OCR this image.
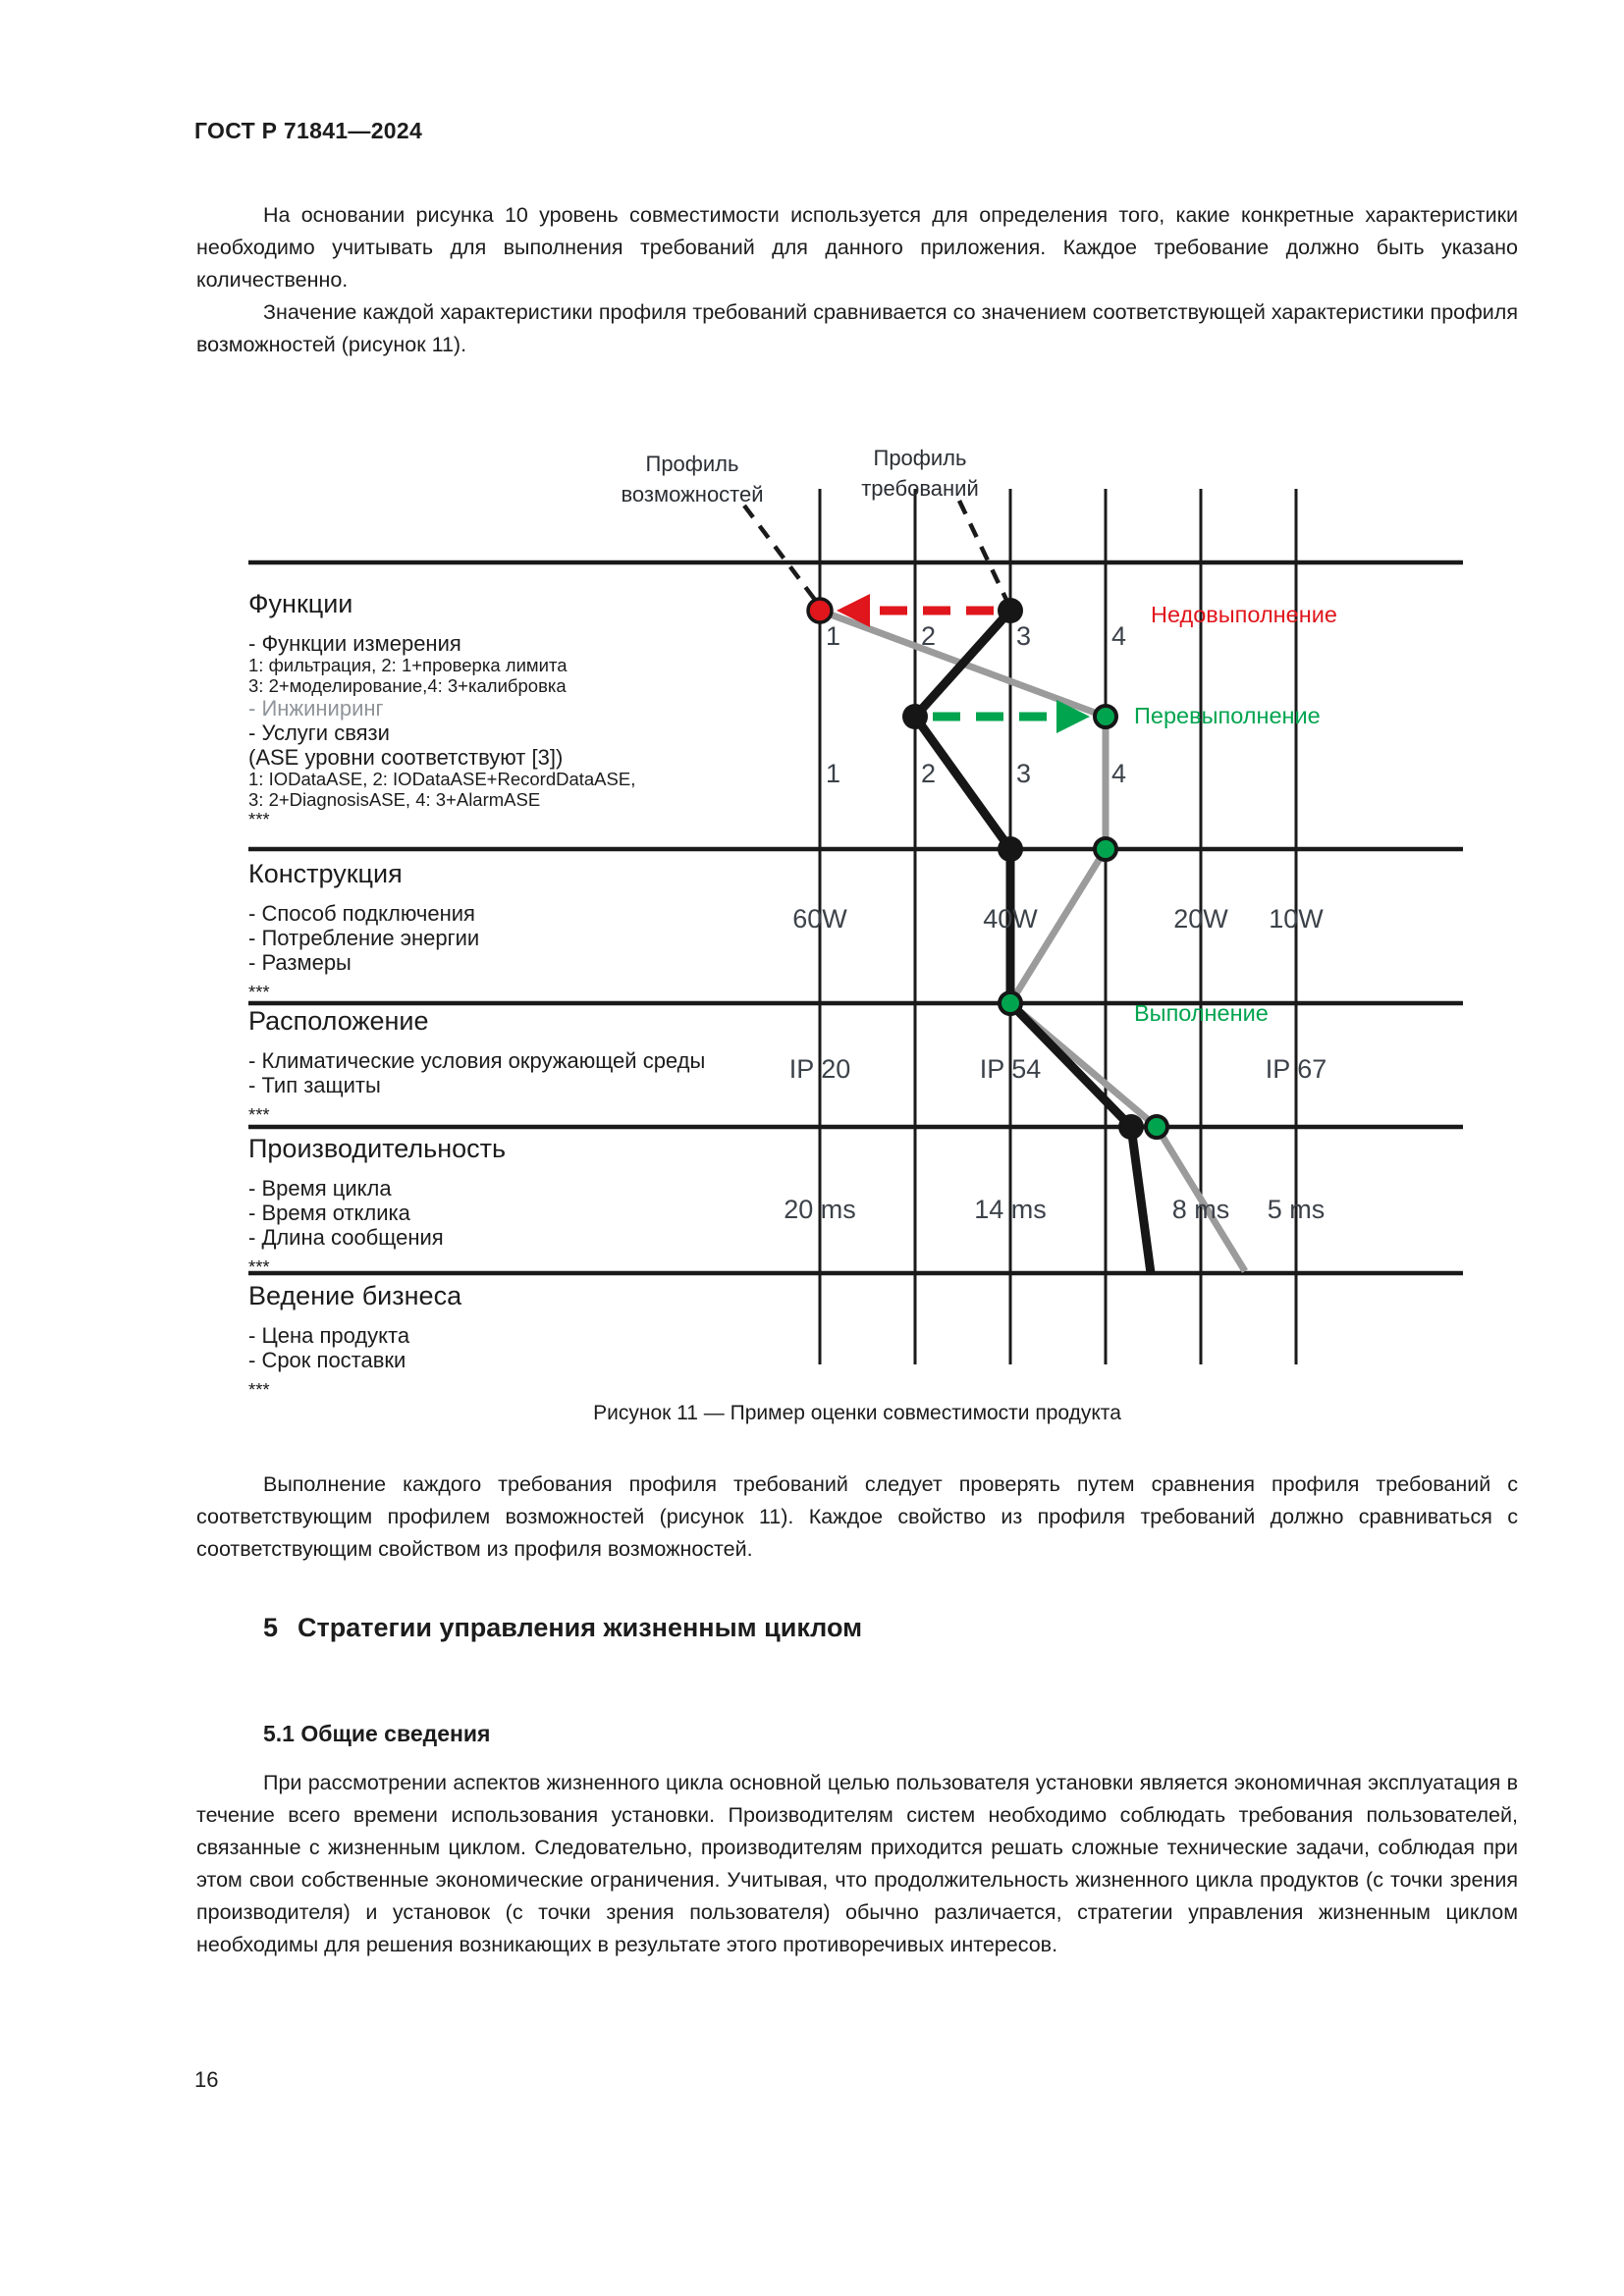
ГОСТ Р 71841—2024

На основании рисунка 10 уровень совместимости используется для определения того, какие конкретные характеристики необходимо учитывать для выполнения требований для данного приложения. Каждое требование должно быть указано количественно.

Значение каждой характеристики профиля требований сравнивается со значением соответствующей характеристики профиля возможностей (рисунок 11).

Профиль
возможностей
Профиль
требований
Недовыполнение
Перевыполнение
Выполнение
1	2	3	4
1	2	3	4
60W	40W	20W	10W
IP 20	IP 54	IP 67
20 ms	14 ms	8 ms	5 ms
Функции
- Функции измерения
1: фильтрация, 2: 1+проверка лимита
3: 2+моделирование,4: 3+калибровка
- Инжиниринг
- Услуги связи
(ASE уровни соответствуют [3])
1: IODataASE, 2: IODataASE+RecordDataASE,
3: 2+DiagnosisASE, 4: 3+AlarmASE
***
Конструкция
- Способ подключения
- Потребление энергии
- Размеры
***
Расположение
- Климатические условия окружающей среды
- Тип защиты
***
Производительность
- Время цикла
- Время отклика
- Длина сообщения
***
Ведение бизнеса
- Цена продукта
- Срок поставки
***
Рисунок 11 — Пример оценки совместимости продукта

Выполнение каждого требования профиля требований следует проверять путем сравнения профиля требований с соответствующим профилем возможностей (рисунок 11). Каждое свойство из профиля требований должно сравниваться с соответствующим свойством из профиля возможностей.

5 Стратегии управления жизненным циклом
5.1 Общие сведения

При рассмотрении аспектов жизненного цикла основной целью пользователя установки является экономичная эксплуатация в течение всего времени использования установки. Производителям систем необходимо соблюдать требования пользователей, связанные с жизненным циклом. Следовательно, производителям приходится решать сложные технические задачи, соблюдая при этом свои собственные экономические ограничения. Учитывая, что продолжительность жизненного цикла продуктов (с точки зрения производителя) и установок (с точки зрения пользователя) обычно различается, стратегии управления жизненным циклом необходимы для решения возникающих в результате этого противоречивых интересов.

16
